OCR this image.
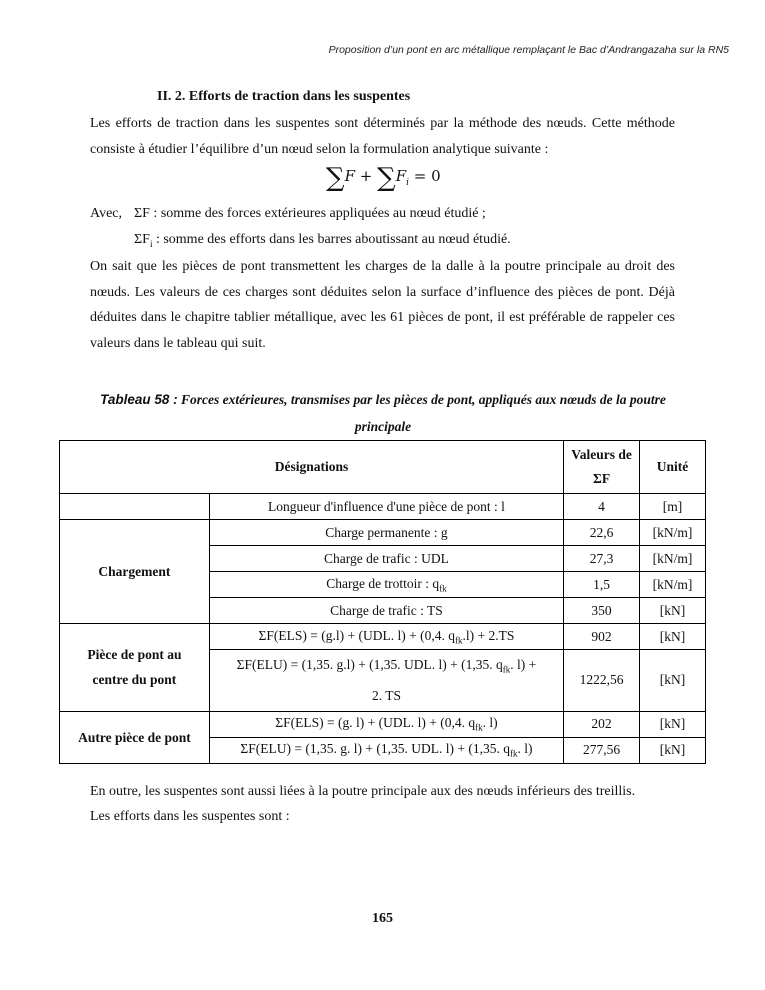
Proposition d’un pont en arc métallique remplaçant le Bac d’Andrangazaha sur la RN5
II. 2. Efforts de traction dans les suspentes

Les efforts de traction dans les suspentes sont déterminés par la méthode des nœuds. Cette méthode consiste à étudier l’équilibre d’un nœud selon la formulation analytique suivante :

$\sum F + \sum F_i = 0$
Avec, ΣF : somme des forces extérieures appliquées au nœud étudié ;
$\Sigma F_i$ : somme des efforts dans les barres aboutissant au nœud étudié.

On sait que les pièces de pont transmettent les charges de la dalle à la poutre principale au droit des nœuds. Les valeurs de ces charges sont déduites selon la surface d’influence des pièces de pont. Déjà déduites dans le chapitre tablier métallique, avec les 61 pièces de pont, il est préférable de rappeler ces valeurs dans le tableau qui suit.

Tableau 58 : Forces extérieures, transmises par les pièces de pont, appliqués aux nœuds de la poutre principale
Désignations		Valeurs de
ΣF	Unité
	Longueur d'influence d'une pièce de pont : l	4	[m]
Chargement	Charge permanente : g	22,6	[kN/m]
	Charge de trafic : UDL	27,3	[kN/m]
	Charge de trottoir : $q_{fk}$	1,5	[kN/m]
	Charge de trafic : TS	350	[kN]
Pièce de pont au
centre du pont	ΣF(ELS) = (g.l) + (UDL. l) + (0,4. $q_{fk}.l) + 2.TS$	902	[kN]
	ΣF(ELU) = (1,35. g.l) + (1,35. UDL. l) + (1,35. $q_{fk}$. l) +
2. TS	1222,56	[kN]
Autre pièce de pont	ΣF(ELS) = (g. l) + (UDL. l) + (0,4. $q_{fk}$. l)	202	[kN]
	ΣF(ELU) = (1,35. g. l) + (1,35. UDL. l) + (1,35. $q_{fk}$. l)	277,56	[kN]
En outre, les suspentes sont aussi liées à la poutre principale aux des nœuds inférieurs des treillis.
Les efforts dans les suspentes sont :
165
